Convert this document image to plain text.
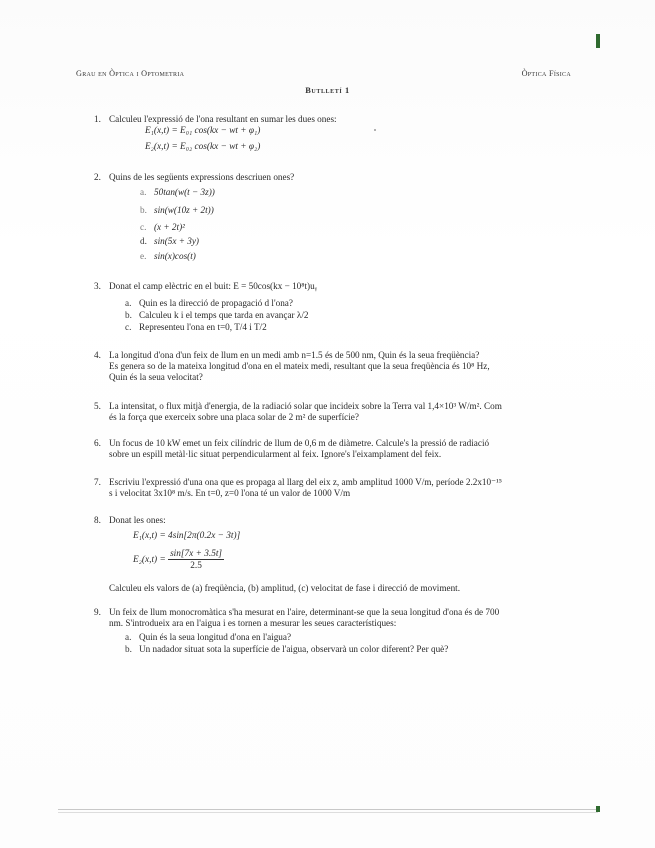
Grau en Òptica i Optometria	Òptica Física
Butlletí 1
1. Calculeu l'expressió de l'ona resultant en sumar les dues ones:
E₁(x,t) = E₀₁ cos(kx − wt + φ₁)
E₂(x,t) = E₀₂ cos(kx − wt + φ₂)
2. Quins de les següents expressions descriuen ones?
a. 50tan(w(t − 3z))
b. sin(w(10z + 2t))
c. (x + 2t)²
d. sin(5x + 3y)
e. sin(x)cos(t)
3. Donat el camp elèctric en el buit: E = 50cos(kx − 10⁸t)uᵧ
a. Quin es la direcció de propagació d l'ona?
b. Calculeu k i el temps que tarda en avançar λ/2
c. Representeu l'ona en t=0, T/4 i T/2
4. La longitud d'ona d'un feix de llum en un medi amb n=1.5 és de 500 nm, Quin és la seua freqüència?
Es genera so de la mateixa longitud d'ona en el mateix medi, resultant que la seua freqüència és 10⁸ Hz,
Quin és la seua velocitat?
5. La intensitat, o flux mitjà d'energia, de la radiació solar que incideix sobre la Terra val 1,4×10³ W/m². Com
és la força que exerceix sobre una placa solar de 2 m² de superfície?
6. Un focus de 10 kW emet un feix cilíndric de llum de 0,6 m de diàmetre. Calcule's la pressió de radiació
sobre un espill metàl·lic situat perpendicularment al feix. Ignore's l'eixamplament del feix.
7. Escriviu l'expressió d'una ona que es propaga al llarg del eix z, amb amplitud 1000 V/m, període 2.2x10⁻¹⁵
s i velocitat 3x10⁸ m/s. En t=0, z=0 l'ona té un valor de 1000 V/m
8. Donat les ones:
E₁(x,t) = 4sin[2π(0.2x − 3t)]
$E_2(x,t) = \frac{\sin[7x + 3.5t]}{2.5}$
Calculeu els valors de (a) freqüència, (b) amplitud, (c) velocitat de fase i direcció de moviment.
9. Un feix de llum monocromàtica s'ha mesurat en l'aire, determinant-se que la seua longitud d'ona és de 700
nm. S'introdueix ara en l'aigua i es tornen a mesurar les seues característiques:
a. Quin és la seua longitud d'ona en l'aigua?
b. Un nadador situat sota la superfície de l'aigua, observarà un color diferent? Per què?
